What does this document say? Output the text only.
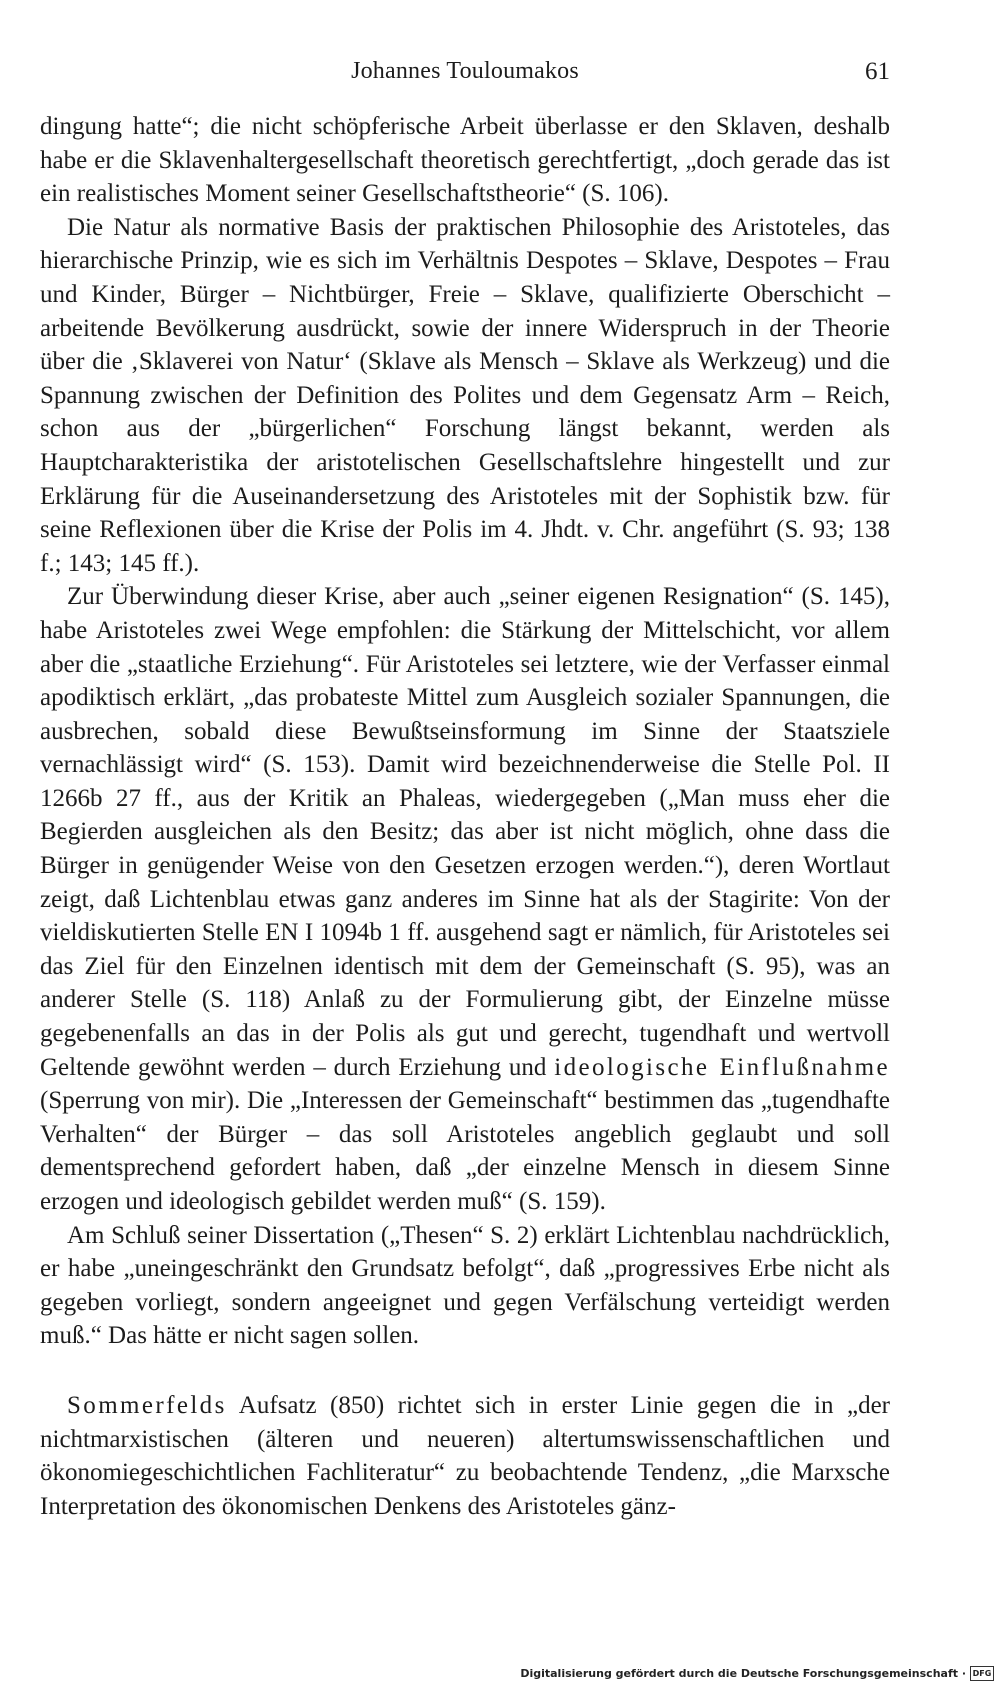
Johannes Touloumakos	61

dingung hatte“; die nicht schöpferische Arbeit überlasse er den Sklaven, deshalb habe er die Sklavenhaltergesellschaft theoretisch gerechtfertigt, „doch gerade das ist ein realistisches Moment seiner Gesellschaftstheorie“ (S. 106).

Die Natur als normative Basis der praktischen Philosophie des Aristoteles, das hierarchische Prinzip, wie es sich im Verhältnis Despotes – Sklave, Despotes – Frau und Kinder, Bürger – Nichtbürger, Freie – Sklave, qualifizierte Oberschicht – arbeitende Bevölkerung ausdrückt, sowie der innere Widerspruch in der Theorie über die ‚Sklaverei von Natur‘ (Sklave als Mensch – Sklave als Werkzeug) und die Spannung zwischen der Definition des Polites und dem Gegensatz Arm – Reich, schon aus der „bürgerlichen“ Forschung längst bekannt, werden als Hauptcharakteristika der aristotelischen Gesellschaftslehre hingestellt und zur Erklärung für die Auseinandersetzung des Aristoteles mit der Sophistik bzw. für seine Reflexionen über die Krise der Polis im 4. Jhdt. v. Chr. angeführt (S. 93; 138 f.; 143; 145 ff.).

Zur Überwindung dieser Krise, aber auch „seiner eigenen Resignation“ (S. 145), habe Aristoteles zwei Wege empfohlen: die Stärkung der Mittelschicht, vor allem aber die „staatliche Erziehung“. Für Aristoteles sei letztere, wie der Verfasser einmal apodiktisch erklärt, „das probateste Mittel zum Ausgleich sozialer Spannungen, die ausbrechen, sobald diese Bewußtseinsformung im Sinne der Staatsziele vernachlässigt wird“ (S. 153). Damit wird bezeichnenderweise die Stelle Pol. II 1266b 27 ff., aus der Kritik an Phaleas, wiedergegeben („Man muss eher die Begierden ausgleichen als den Besitz; das aber ist nicht möglich, ohne dass die Bürger in genügender Weise von den Gesetzen erzogen werden.“), deren Wortlaut zeigt, daß Lichtenblau etwas ganz anderes im Sinne hat als der Stagirite: Von der vieldiskutierten Stelle EN I 1094b 1 ff. ausgehend sagt er nämlich, für Aristoteles sei das Ziel für den Einzelnen identisch mit dem der Gemeinschaft (S. 95), was an anderer Stelle (S. 118) Anlaß zu der Formulierung gibt, der Einzelne müsse gegebenenfalls an das in der Polis als gut und gerecht, tugendhaft und wertvoll Geltende gewöhnt werden – durch Erziehung und ideologische Einflußnahme (Sperrung von mir). Die „Interessen der Gemeinschaft“ bestimmen das „tugendhafte Verhalten“ der Bürger – das soll Aristoteles angeblich geglaubt und soll dementsprechend gefordert haben, daß „der einzelne Mensch in diesem Sinne erzogen und ideologisch gebildet werden muß“ (S. 159).

Am Schluß seiner Dissertation („Thesen“ S. 2) erklärt Lichtenblau nachdrücklich, er habe „uneingeschränkt den Grundsatz befolgt“, daß „progressives Erbe nicht als gegeben vorliegt, sondern angeeignet und gegen Verfälschung verteidigt werden muß.“ Das hätte er nicht sagen sollen.

Sommerfelds Aufsatz (850) richtet sich in erster Linie gegen die in „der nichtmarxistischen (älteren und neueren) altertumswissenschaftlichen und ökonomiegeschichtlichen Fachliteratur“ zu beobachtende Tendenz, „die Marxsche Interpretation des ökonomischen Denkens des Aristoteles gänz-

Digitalisierung gefördert durch die Deutsche Forschungsgemeinschaft · DFG
